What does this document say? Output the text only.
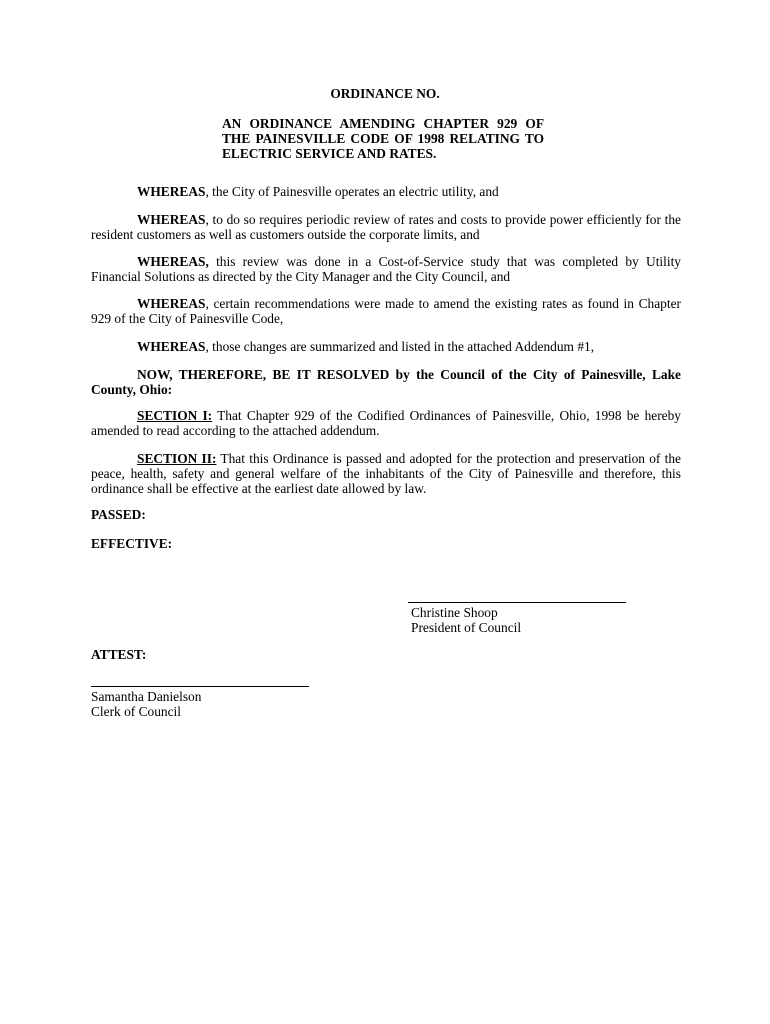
ORDINANCE NO.
AN ORDINANCE AMENDING CHAPTER 929 OF THE PAINESVILLE CODE OF 1998 RELATING TO ELECTRIC SERVICE AND RATES.
WHEREAS, the City of Painesville operates an electric utility, and
WHEREAS, to do so requires periodic review of rates and costs to provide power efficiently for the resident customers as well as customers outside the corporate limits, and
WHEREAS, this review was done in a Cost-of-Service study that was completed by Utility Financial Solutions as directed by the City Manager and the City Council, and
WHEREAS, certain recommendations were made to amend the existing rates as found in Chapter 929 of the City of Painesville Code,
WHEREAS, those changes are summarized and listed in the attached Addendum #1,
NOW, THEREFORE, BE IT RESOLVED by the Council of the City of Painesville, Lake County, Ohio:
SECTION I: That Chapter 929 of the Codified Ordinances of Painesville, Ohio, 1998 be hereby amended to read according to the attached addendum.
SECTION II: That this Ordinance is passed and adopted for the protection and preservation of the peace, health, safety and general welfare of the inhabitants of the City of Painesville and therefore, this ordinance shall be effective at the earliest date allowed by law.
PASSED:
EFFECTIVE:
Christine Shoop
President of Council
ATTEST:
Samantha Danielson
Clerk of Council
